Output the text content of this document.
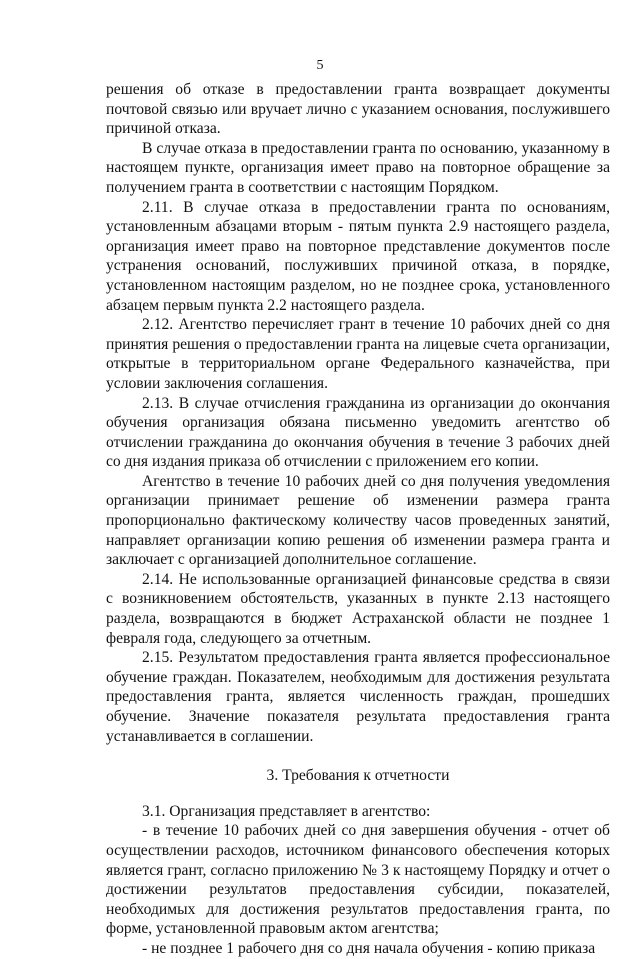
5

решения об отказе в предоставлении гранта возвращает документы почтовой связью или вручает лично с указанием основания, послужившего причиной отказа.

В случае отказа в предоставлении гранта по основанию, указанному в настоящем пункте, организация имеет право на повторное обращение за получением гранта в соответствии с настоящим Порядком.

2.11. В случае отказа в предоставлении гранта по основаниям, установленным абзацами вторым - пятым пункта 2.9 настоящего раздела, организация имеет право на повторное представление документов после устранения оснований, послуживших причиной отказа, в порядке, установленном настоящим разделом, но не позднее срока, установленного абзацем первым пункта 2.2 настоящего раздела.

2.12. Агентство перечисляет грант в течение 10 рабочих дней со дня принятия решения о предоставлении гранта на лицевые счета организации, открытые в территориальном органе Федерального казначейства, при условии заключения соглашения.

2.13. В случае отчисления гражданина из организации до окончания обучения организация обязана письменно уведомить агентство об отчислении гражданина до окончания обучения в течение 3 рабочих дней со дня издания приказа об отчислении с приложением его копии.

Агентство в течение 10 рабочих дней со дня получения уведомления организации принимает решение об изменении размера гранта пропорционально фактическому количеству часов проведенных занятий, направляет организации копию решения об изменении размера гранта и заключает с организацией дополнительное соглашение.

2.14. Не использованные организацией финансовые средства в связи с возникновением обстоятельств, указанных в пункте 2.13 настоящего раздела, возвращаются в бюджет Астраханской области не позднее 1 февраля года, следующего за отчетным.

2.15. Результатом предоставления гранта является профессиональное обучение граждан. Показателем, необходимым для достижения результата предоставления гранта, является численность граждан, прошедших обучение. Значение показателя результата предоставления гранта устанавливается в соглашении.

3. Требования к отчетности

3.1. Организация представляет в агентство:

- в течение 10 рабочих дней со дня завершения обучения - отчет об осуществлении расходов, источником финансового обеспечения которых является грант, согласно приложению № 3 к настоящему Порядку и отчет о достижении результатов предоставления субсидии, показателей, необходимых для достижения результатов предоставления гранта, по форме, установленной правовым актом агентства;

- не позднее 1 рабочего дня со дня начала обучения - копию приказа
